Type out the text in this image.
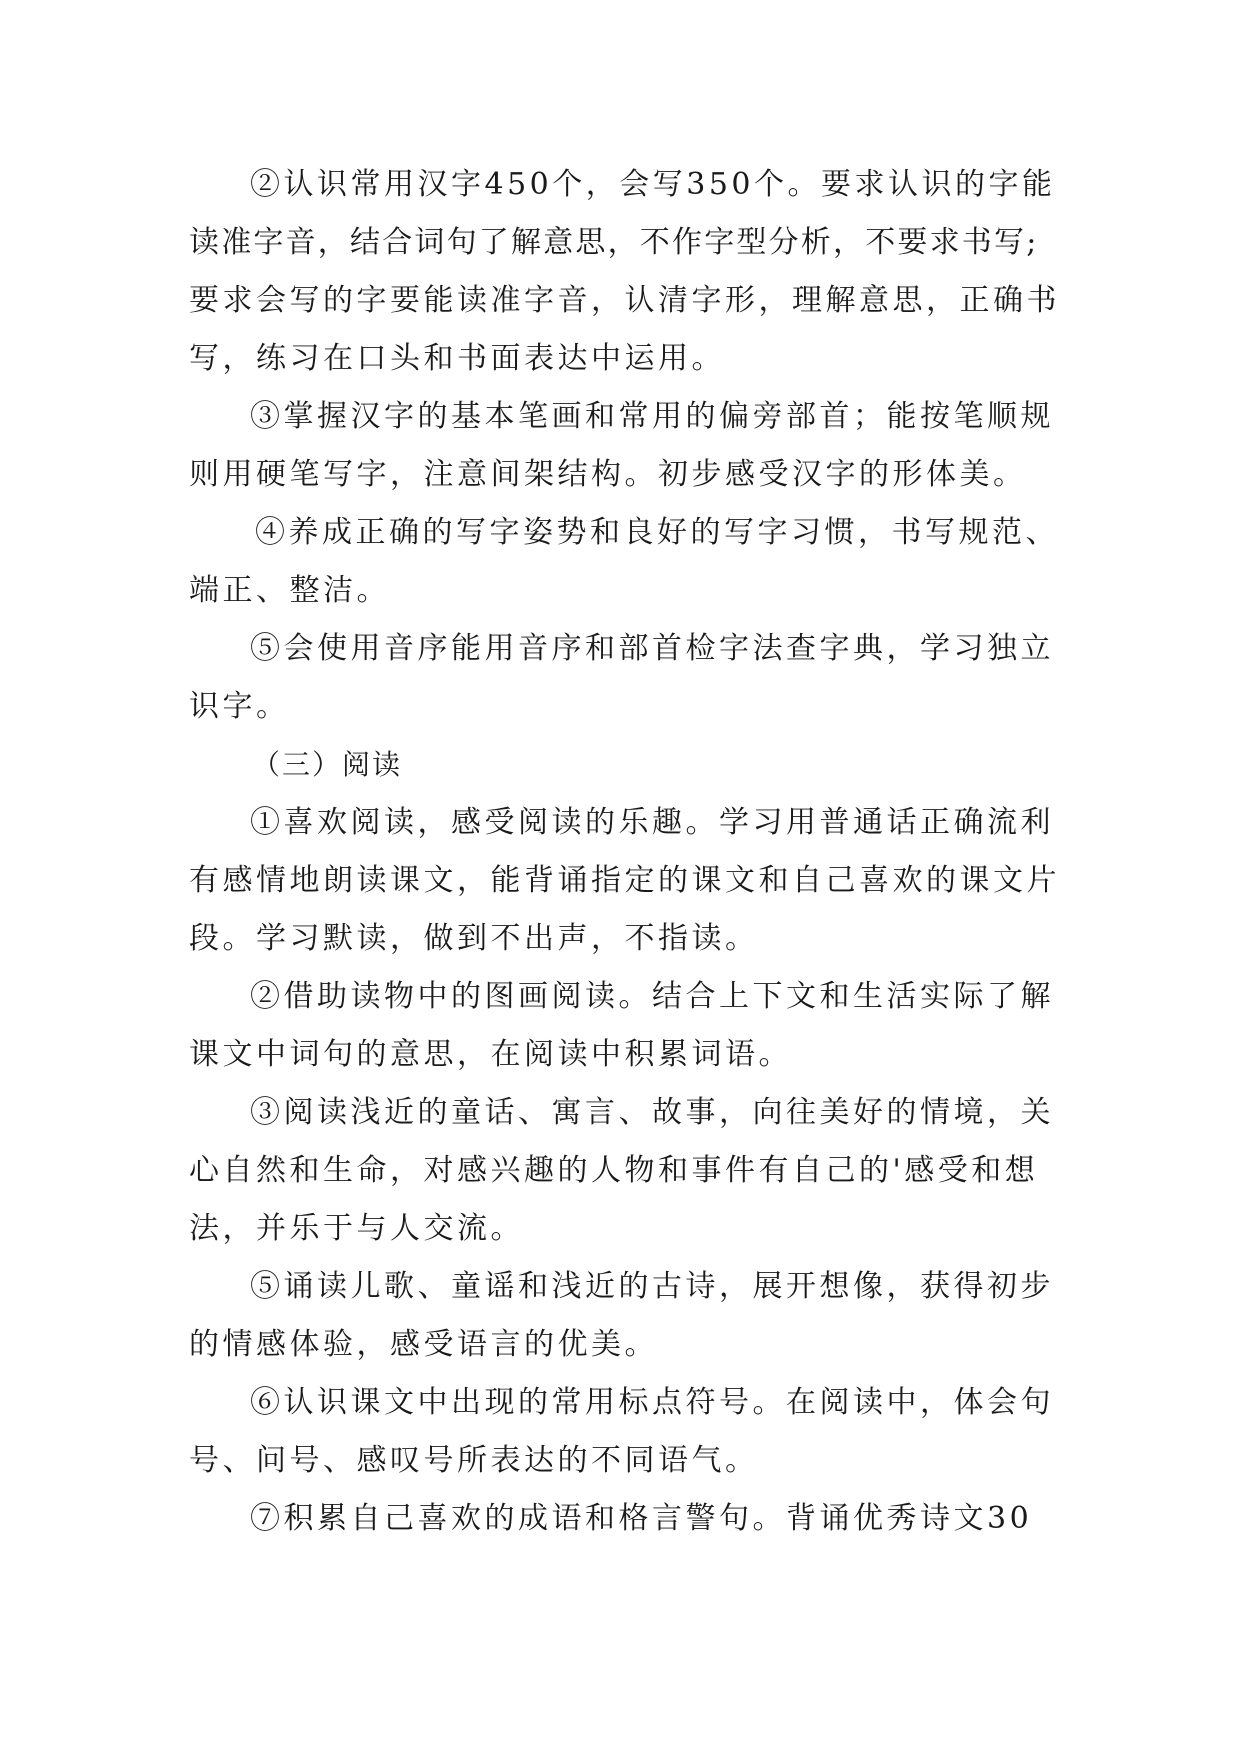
②认识常用汉字450个，会写350个。要求认识的字能
读准字音，结合词句了解意思，不作字型分析，不要求书写;
要求会写的字要能读准字音，认清字形，理解意思，正确书
写，练习在口头和书面表达中运用。
③掌握汉字的基本笔画和常用的偏旁部首；能按笔顺规
则用硬笔写字，注意间架结构。初步感受汉字的形体美。
④养成正确的写字姿势和良好的写字习惯，书写规范、
端正、整洁。
⑤会使用音序能用音序和部首检字法查字典，学习独立
识字。
（三）阅读
①喜欢阅读，感受阅读的乐趣。学习用普通话正确流利
有感情地朗读课文，能背诵指定的课文和自己喜欢的课文片
段。学习默读，做到不出声，不指读。
②借助读物中的图画阅读。结合上下文和生活实际了解
课文中词句的意思，在阅读中积累词语。
③阅读浅近的童话、寓言、故事，向往美好的情境，关
心自然和生命，对感兴趣的人物和事件有自己的'感受和想
法，并乐于与人交流。
⑤诵读儿歌、童谣和浅近的古诗，展开想像，获得初步
的情感体验，感受语言的优美。
⑥认识课文中出现的常用标点符号。在阅读中，体会句
号、问号、感叹号所表达的不同语气。
⑦积累自己喜欢的成语和格言警句。背诵优秀诗文30
